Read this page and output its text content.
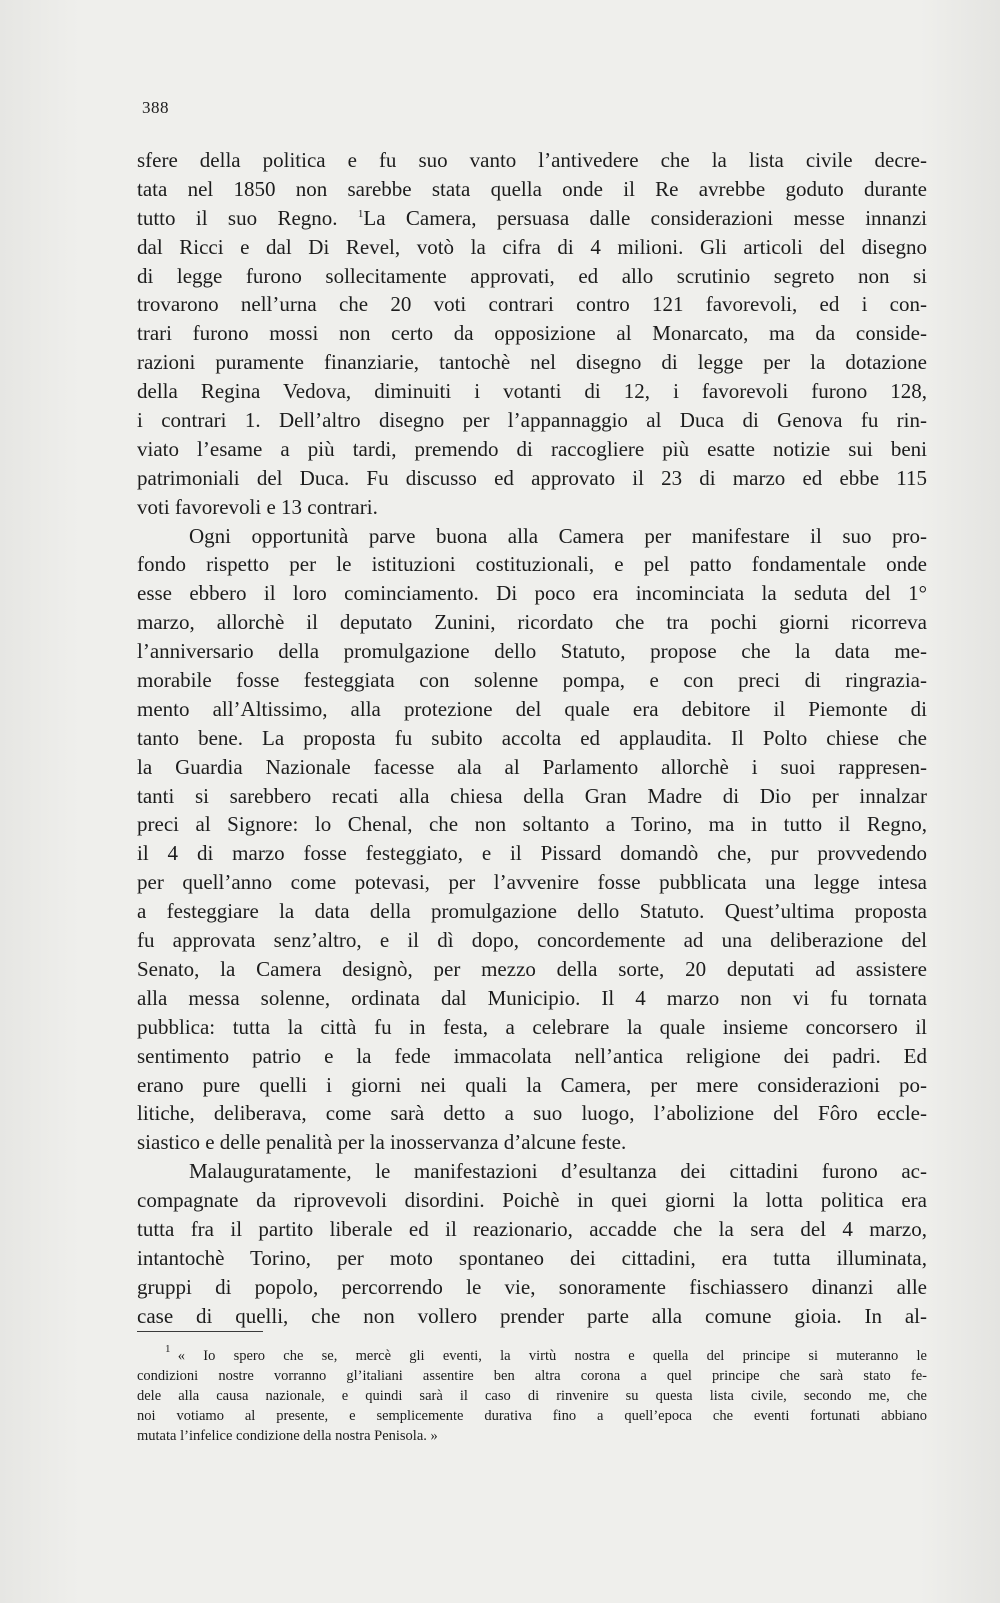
388
sfere della politica e fu suo vanto l’antivedere che la lista civile decre-
tata nel 1850 non sarebbe stata quella onde il Re avrebbe goduto durante
tutto il suo Regno. $^1$La Camera, persuasa dalle considerazioni messe innanzi
dal Ricci e dal Di Revel, votò la cifra di 4 milioni. Gli articoli del disegno
di legge furono sollecitamente approvati, ed allo scrutinio segreto non si
trovarono nell’urna che 20 voti contrari contro 121 favorevoli, ed i con-
trari furono mossi non certo da opposizione al Monarcato, ma da conside-
razioni puramente finanziarie, tantochè nel disegno di legge per la dotazione
della Regina Vedova, diminuiti i votanti di 12, i favorevoli furono 128,
i contrari 1. Dell’altro disegno per l’appannaggio al Duca di Genova fu rin-
viato l’esame a più tardi, premendo di raccogliere più esatte notizie sui beni
patrimoniali del Duca. Fu discusso ed approvato il 23 di marzo ed ebbe 115
voti favorevoli e 13 contrari.
Ogni opportunità parve buona alla Camera per manifestare il suo pro-
fondo rispetto per le istituzioni costituzionali, e pel patto fondamentale onde
esse ebbero il loro cominciamento. Di poco era incominciata la seduta del 1°
marzo, allorchè il deputato Zunini, ricordato che tra pochi giorni ricorreva
l’anniversario della promulgazione dello Statuto, propose che la data me-
morabile fosse festeggiata con solenne pompa, e con preci di ringrazia-
mento all’Altissimo, alla protezione del quale era debitore il Piemonte di
tanto bene. La proposta fu subito accolta ed applaudita. Il Polto chiese che
la Guardia Nazionale facesse ala al Parlamento allorchè i suoi rappresen-
tanti si sarebbero recati alla chiesa della Gran Madre di Dio per innalzar
preci al Signore: lo Chenal, che non soltanto a Torino, ma in tutto il Regno,
il 4 di marzo fosse festeggiato, e il Pissard domandò che, pur provvedendo
per quell’anno come potevasi, per l’avvenire fosse pubblicata una legge intesa
a festeggiare la data della promulgazione dello Statuto. Quest’ultima proposta
fu approvata senz’altro, e il dì dopo, concordemente ad una deliberazione del
Senato, la Camera designò, per mezzo della sorte, 20 deputati ad assistere
alla messa solenne, ordinata dal Municipio. Il 4 marzo non vi fu tornata
pubblica: tutta la città fu in festa, a celebrare la quale insieme concorsero il
sentimento patrio e la fede immacolata nell’antica religione dei padri. Ed
erano pure quelli i giorni nei quali la Camera, per mere considerazioni po-
litiche, deliberava, come sarà detto a suo luogo, l’abolizione del Fôro eccle-
siastico e delle penalità per la inosservanza d’alcune feste.
Malauguratamente, le manifestazioni d’esultanza dei cittadini furono ac-
compagnate da riprovevoli disordini. Poichè in quei giorni la lotta politica era
tutta fra il partito liberale ed il reazionario, accadde che la sera del 4 marzo,
intantochè Torino, per moto spontaneo dei cittadini, era tutta illuminata,
gruppi di popolo, percorrendo le vie, sonoramente fischiassero dinanzi alle
case di quelli, che non vollero prender parte alla comune gioia. In al-
$^1$  « Io spero che se, mercè gli eventi, la virtù nostra e quella del principe si muteranno le
condizioni nostre vorranno gl’italiani assentire ben altra corona a quel principe che sarà stato fe-
dele alla causa nazionale, e quindi sarà il caso di rinvenire su questa lista civile, secondo me, che
noi votiamo al presente, e semplicemente durativa fino a quell’epoca che eventi fortunati abbiano
mutata l’infelice condizione della nostra Penisola. »
